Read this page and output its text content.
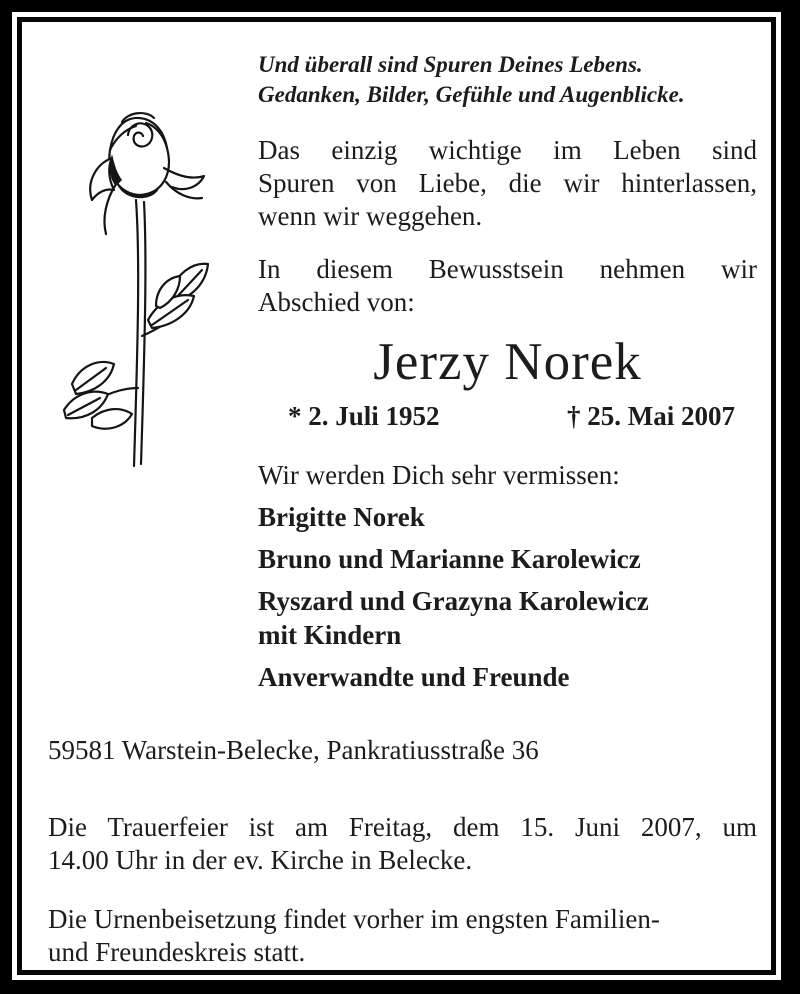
Und überall sind Spuren Deines Lebens.
Gedanken, Bilder, Gefühle und Augenblicke.
Das einzig wichtige im Leben sind
Spuren von Liebe, die wir hinterlassen,
wenn wir weggehen.
In diesem Bewusstsein nehmen wir
Abschied von:
Jerzy Norek
* 2. Juli 1952	† 25. Mai 2007
Wir werden Dich sehr vermissen:
Brigitte Norek
Bruno und Marianne Karolewicz
Ryszard und Grazyna Karolewicz
mit Kindern
Anverwandte und Freunde
59581 Warstein-Belecke, Pankratiusstraße 36
Die Trauerfeier ist am Freitag, dem 15. Juni 2007, um
14.00 Uhr in der ev. Kirche in Belecke.
Die Urnenbeisetzung findet vorher im engsten Familien-
und Freundeskreis statt.
